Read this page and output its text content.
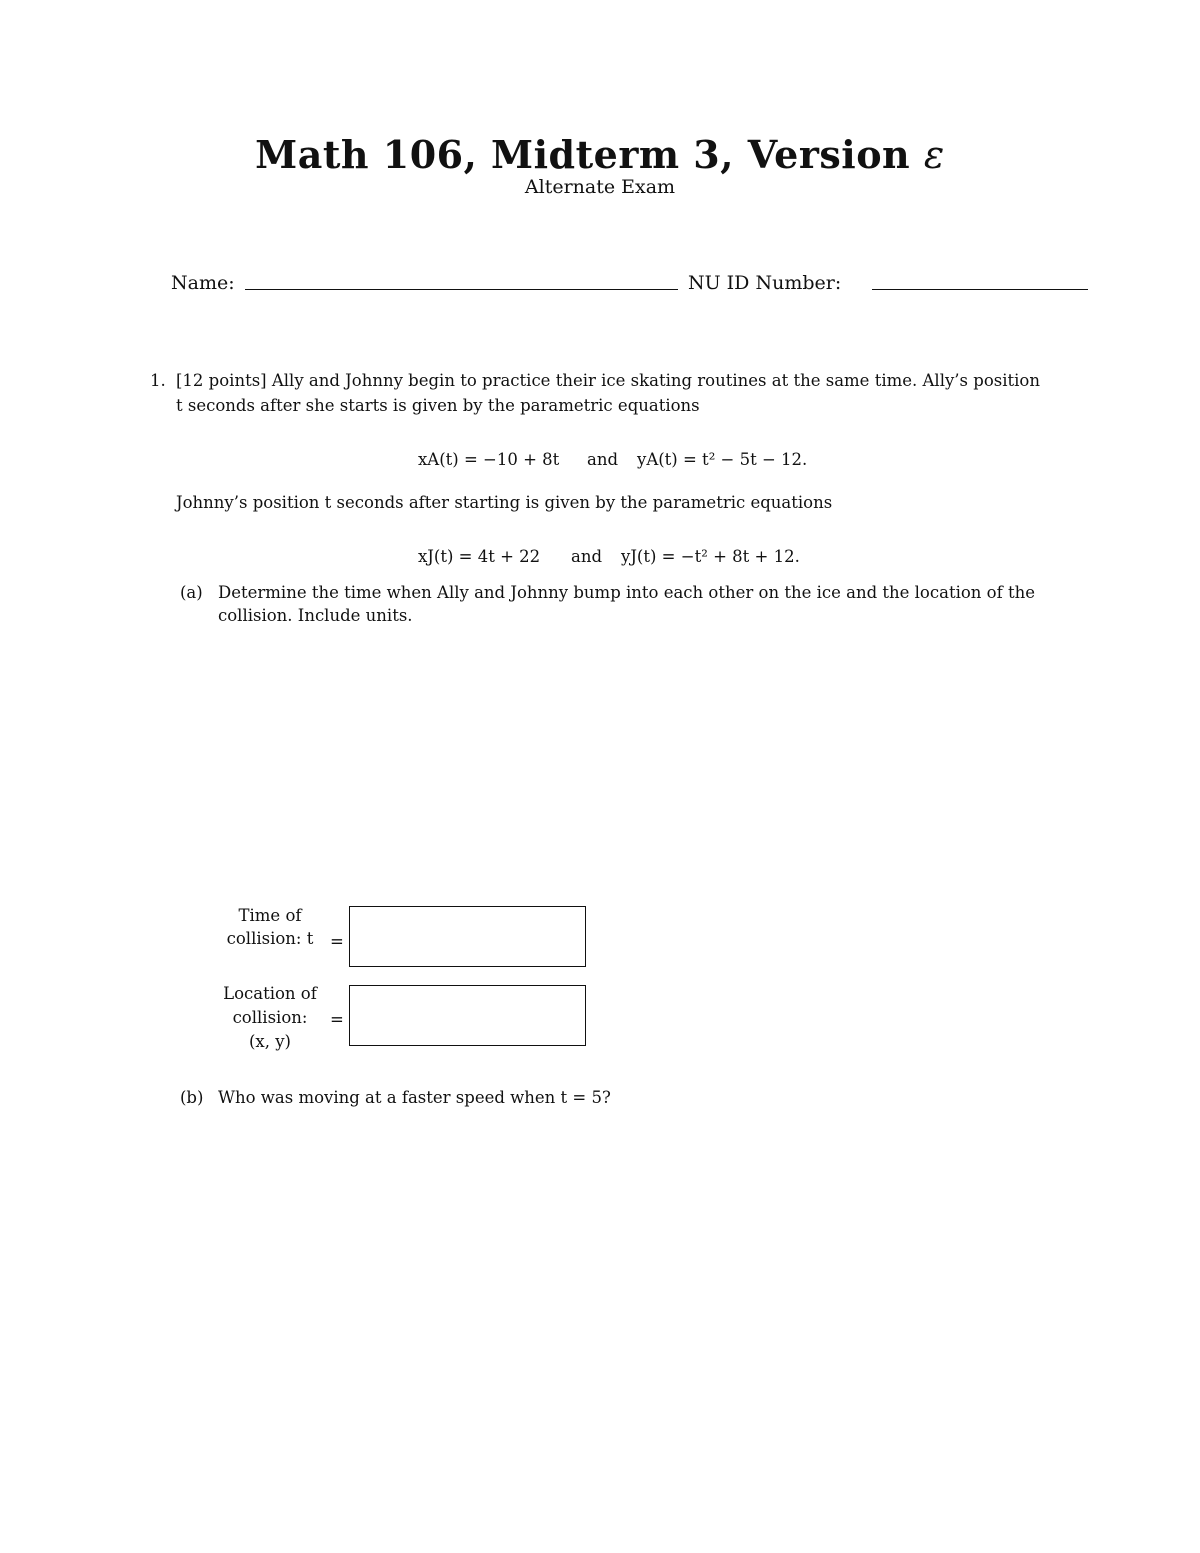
Math 106, Midterm 3, Version ε
Alternate Exam
Name:	NU ID Number:
1. [12 points] Ally and Johnny begin to practice their ice skating routines at the same time. Ally’s position
t seconds after she starts is given by the parametric equations
xA(t) = −10 + 8t and yA(t) = t² − 5t − 12.
Johnny’s position t seconds after starting is given by the parametric equations
xJ(t) = 4t + 22 and yJ(t) = −t² + 8t + 12.
(a) Determine the time when Ally and Johnny bump into each other on the ice and the location of the
collision. Include units.
Time of
collision: t	=
Location of
collision:
(x, y)
=
(b) Who was moving at a faster speed when t = 5?
